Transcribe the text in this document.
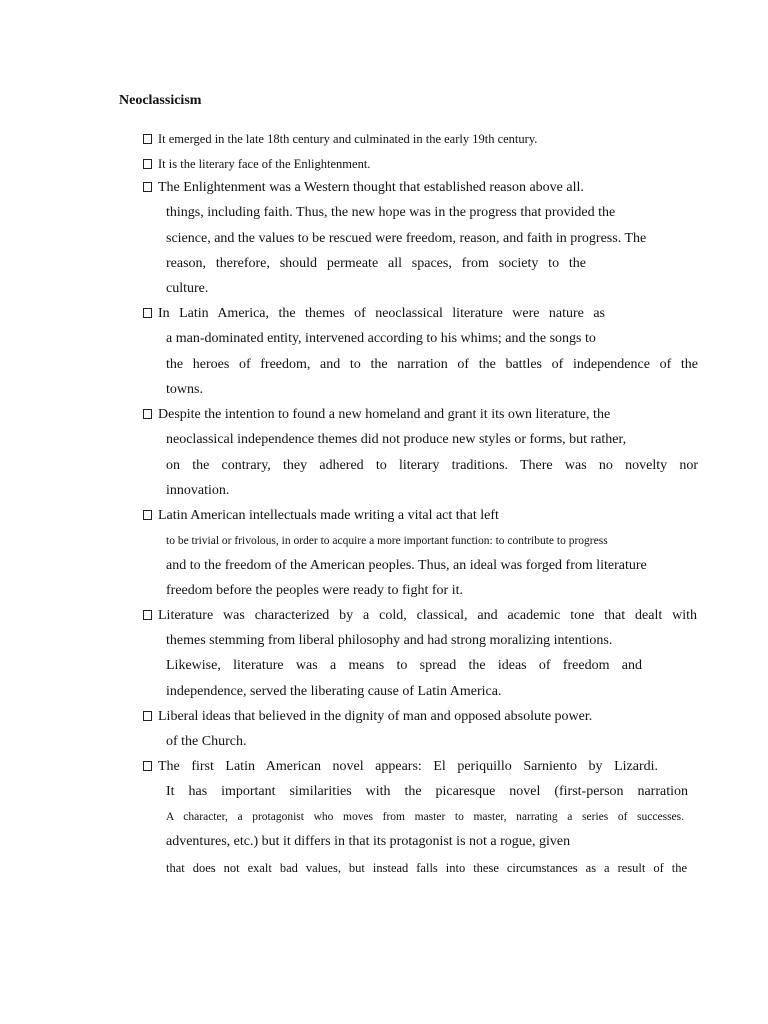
Neoclassicism
It emerged in the late 18th century and culminated in the early 19th century.
It is the literary face of the Enlightenment.
The Enlightenment was a Western thought that established reason above all.
things, including faith. Thus, the new hope was in the progress that provided the
science, and the values to be rescued were freedom, reason, and faith in progress. The
reason, therefore, should permeate all spaces, from society to the
culture.
In Latin America, the themes of neoclassical literature were nature as
a man-dominated entity, intervened according to his whims; and the songs to
the heroes of freedom, and to the narration of the battles of independence of the
towns.
Despite the intention to found a new homeland and grant it its own literature, the
neoclassical independence themes did not produce new styles or forms, but rather,
on the contrary, they adhered to literary traditions. There was no novelty nor
innovation.
Latin American intellectuals made writing a vital act that left
to be trivial or frivolous, in order to acquire a more important function: to contribute to progress
and to the freedom of the American peoples. Thus, an ideal was forged from literature
freedom before the peoples were ready to fight for it.
Literature was characterized by a cold, classical, and academic tone that dealt with
themes stemming from liberal philosophy and had strong moralizing intentions.
Likewise, literature was a means to spread the ideas of freedom and
independence, served the liberating cause of Latin America.
Liberal ideas that believed in the dignity of man and opposed absolute power.
of the Church.
The first Latin American novel appears: El periquillo Sarniento by Lizardi.
It has important similarities with the picaresque novel (first-person narration
A character, a protagonist who moves from master to master, narrating a series of successes.
adventures, etc.) but it differs in that its protagonist is not a rogue, given
that does not exalt bad values, but instead falls into these circumstances as a result of the
